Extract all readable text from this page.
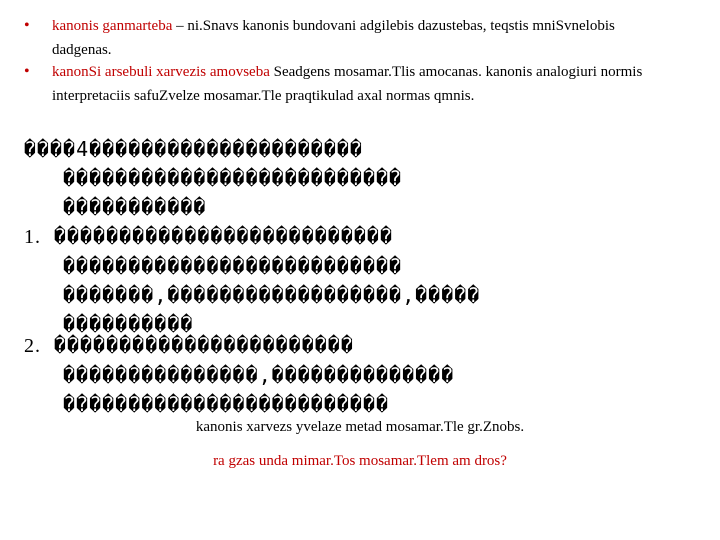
• kanonis ganmarteba – ni.Snavs kanonis bundovani adgilebis dazustebas, teqstis mniSvnelobis
dadgenas.
• kanonSi arsebuli xarvezis amovseba Seadgens mosamar.Tlis amocanas. kanonis analogiuri normis
interpretaciis safuZvelze mosamar.Tle praqtikulad axal normas qmnis.
����4���������������������
��������������������������
�����������
1. ��������������������������
��������������������������
�������,������������������,�����
����������
2. �����������������������
���������������,��������������
�������������������������
kanonis xarvezs yvelaze metad mosamar.Tle gr.Znobs.
ra gzas unda mimar.Tos mosamar.Tlem am dros?
